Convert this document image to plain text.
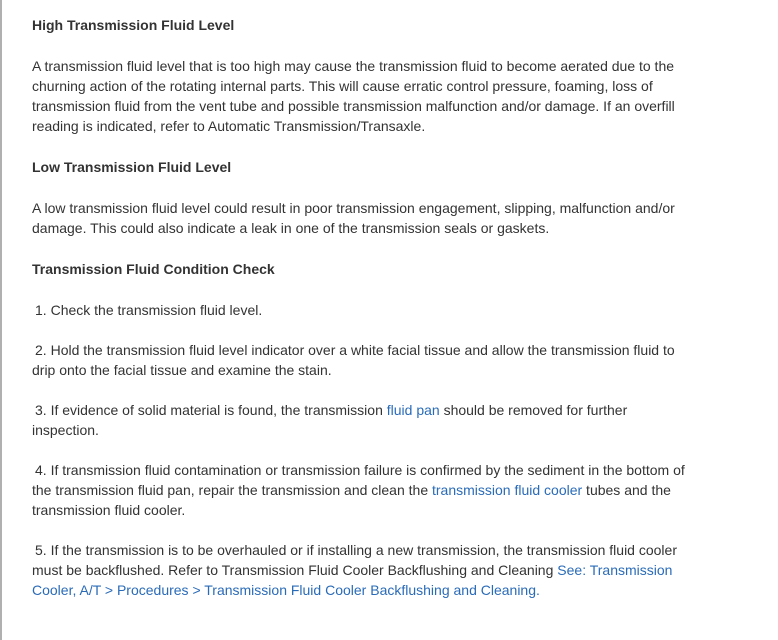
High Transmission Fluid Level

A transmission fluid level that is too high may cause the transmission fluid to become aerated due to the churning action of the rotating internal parts. This will cause erratic control pressure, foaming, loss of transmission fluid from the vent tube and possible transmission malfunction and/or damage. If an overfill reading is indicated, refer to Automatic Transmission/Transaxle.

Low Transmission Fluid Level

A low transmission fluid level could result in poor transmission engagement, slipping, malfunction and/or damage. This could also indicate a leak in one of the transmission seals or gaskets.

Transmission Fluid Condition Check
1. Check the transmission fluid level.
2. Hold the transmission fluid level indicator over a white facial tissue and allow the transmission fluid to drip onto the facial tissue and examine the stain.
3. If evidence of solid material is found, the transmission fluid pan should be removed for further inspection.
4. If transmission fluid contamination or transmission failure is confirmed by the sediment in the bottom of the transmission fluid pan, repair the transmission and clean the transmission fluid cooler tubes and the transmission fluid cooler.
5. If the transmission is to be overhauled or if installing a new transmission, the transmission fluid cooler must be backflushed. Refer to Transmission Fluid Cooler Backflushing and Cleaning See: Transmission Cooler, A/T > Procedures > Transmission Fluid Cooler Backflushing and Cleaning.
